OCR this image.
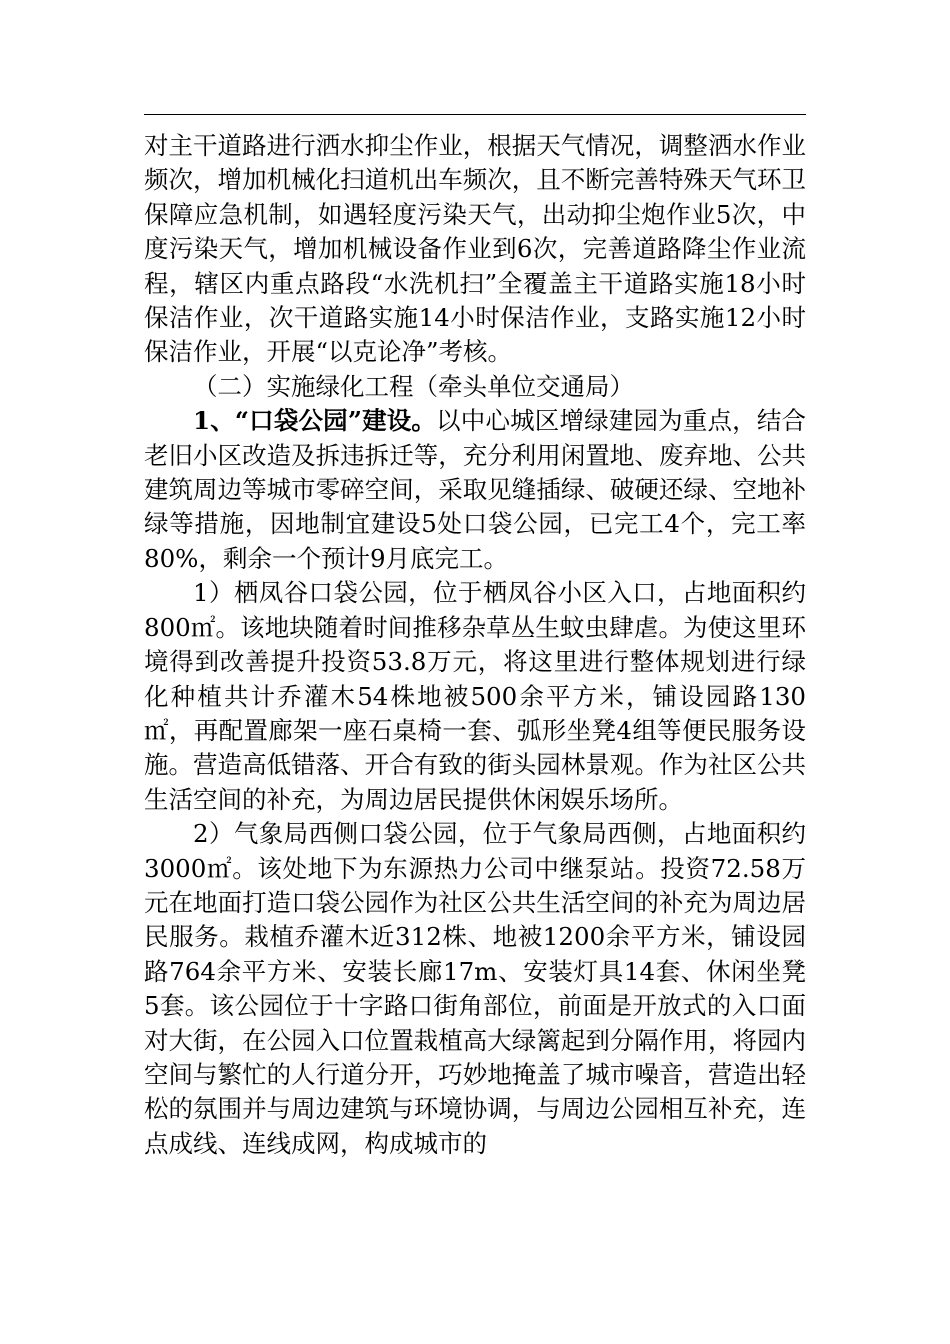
对主干道路进行洒水抑尘作业，根据天气情况，调整洒水作业频次，增加机械化扫道机出车频次，且不断完善特殊天气环卫保障应急机制，如遇轻度污染天气，出动抑尘炮作业5次，中度污染天气，增加机械设备作业到6次，完善道路降尘作业流程，辖区内重点路段“水洗机扫”全覆盖主干道路实施18小时保洁作业，次干道路实施14小时保洁作业，支路实施12小时保洁作业，开展“以克论净”考核。

（二）实施绿化工程（牵头单位交通局）

1、“口袋公园”建设。以中心城区增绿建园为重点，结合老旧小区改造及拆违拆迁等，充分利用闲置地、废弃地、公共建筑周边等城市零碎空间，采取见缝插绿、破硬还绿、空地补绿等措施，因地制宜建设5处口袋公园，已完工4个，完工率80%，剩余一个预计9月底完工。

1）栖凤谷口袋公园，位于栖凤谷小区入口，占地面积约800㎡。该地块随着时间推移杂草丛生蚊虫肆虐。为使这里环境得到改善提升投资53.8万元，将这里进行整体规划进行绿化种植共计乔灌木54株地被500余平方米，铺设园路130㎡，再配置廊架一座石桌椅一套、弧形坐凳4组等便民服务设施。营造高低错落、开合有致的街头园林景观。作为社区公共生活空间的补充，为周边居民提供休闲娱乐场所。

2）气象局西侧口袋公园，位于气象局西侧，占地面积约3000㎡。该处地下为东源热力公司中继泵站。投资72.58万元在地面打造口袋公园作为社区公共生活空间的补充为周边居民服务。栽植乔灌木近312株、地被1200余平方米，铺设园路764余平方米、安装长廊17m、安装灯具14套、休闲坐凳5套。该公园位于十字路口街角部位，前面是开放式的入口面对大街，在公园入口位置栽植高大绿篱起到分隔作用，将园内空间与繁忙的人行道分开，巧妙地掩盖了城市噪音，营造出轻松的氛围并与周边建筑与环境协调，与周边公园相互补充，连点成线、连线成网，构成城市的
